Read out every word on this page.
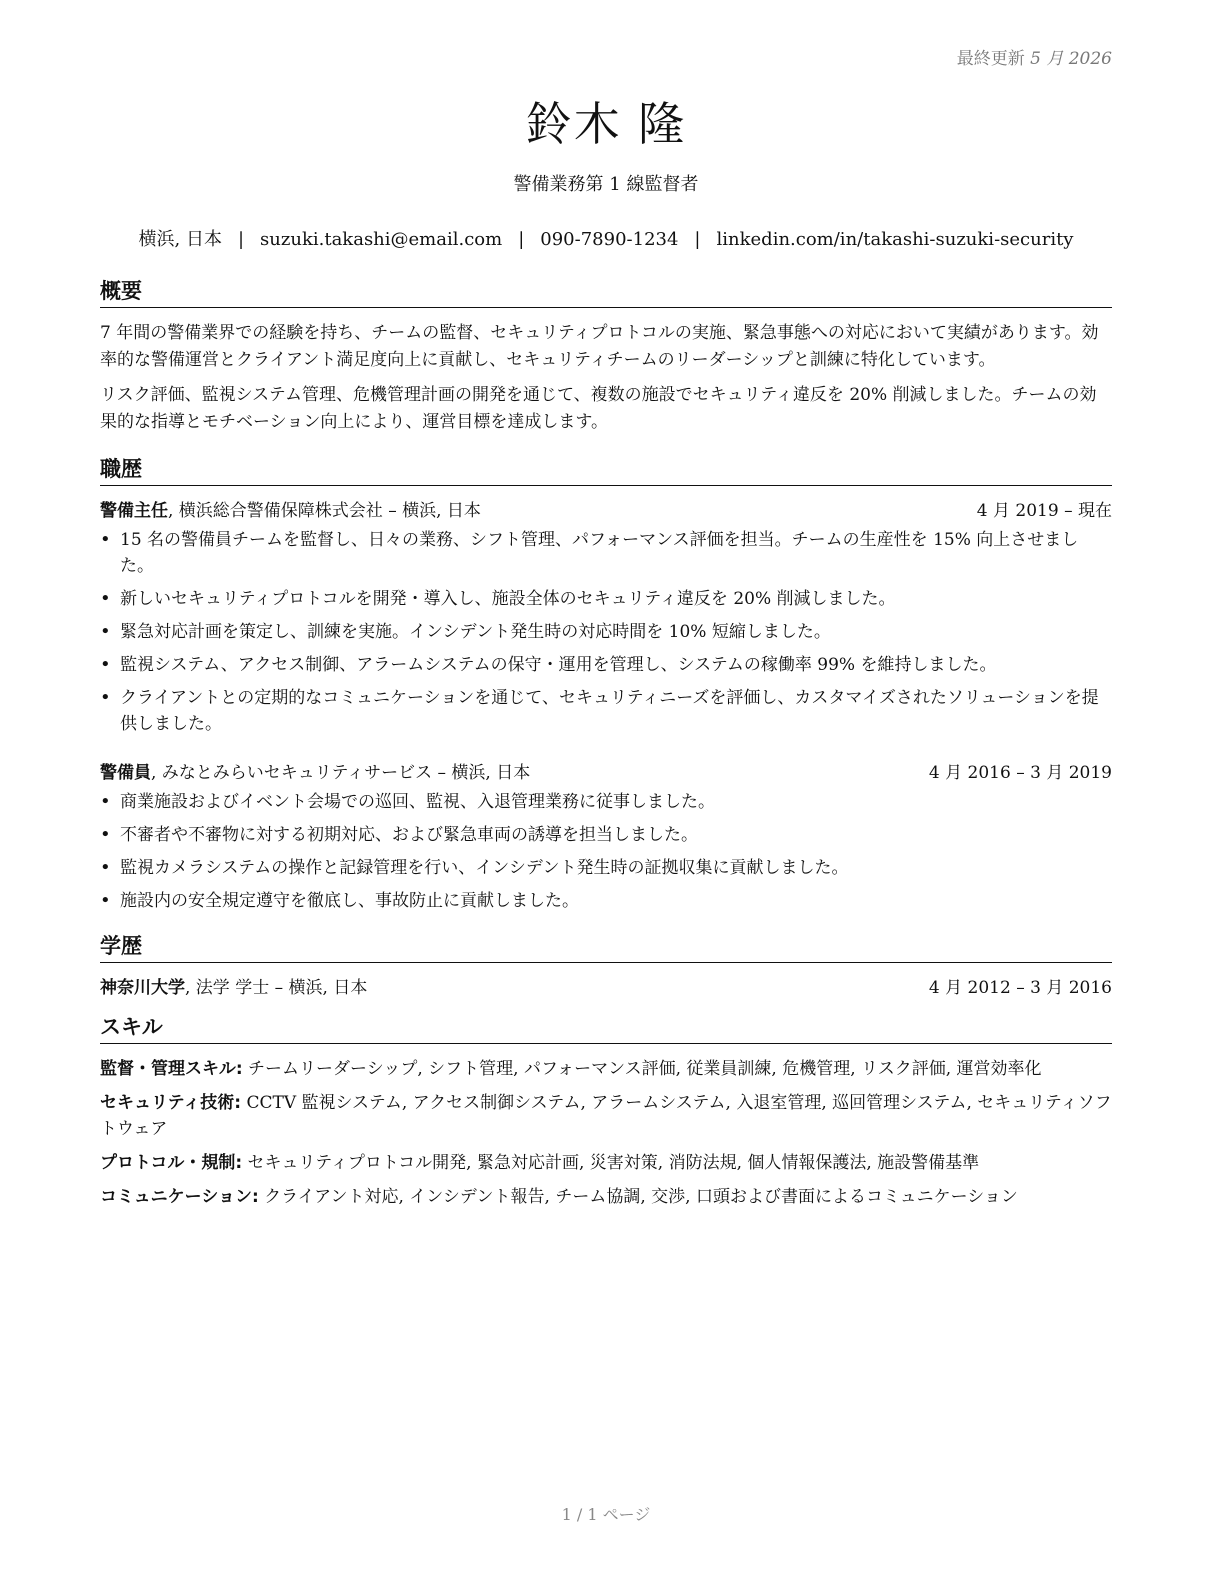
最終更新 5 月 2026
鈴木 隆
警備業務第 1 線監督者
横浜, 日本 | suzuki.takashi@email.com | 090-7890-1234 | linkedin.com/in/takashi-suzuki-security
概要

7 年間の警備業界での経験を持ち、チームの監督、セキュリティプロトコルの実施、緊急事態への対応において実績があります。効率的な警備運営とクライアント満足度向上に貢献し、セキュリティチームのリーダーシップと訓練に特化しています。

リスク評価、監視システム管理、危機管理計画の開発を通じて、複数の施設でセキュリティ違反を 20% 削減しました。チームの効果的な指導とモチベーション向上により、運営目標を達成します。

職歴
警備主任, 横浜総合警備保障株式会社 – 横浜, 日本	4 月 2019 – 現在
• 15 名の警備員チームを監督し、日々の業務、シフト管理、パフォーマンス評価を担当。チームの生産性を 15% 向上させました。
• 新しいセキュリティプロトコルを開発・導入し、施設全体のセキュリティ違反を 20% 削減しました。
• 緊急対応計画を策定し、訓練を実施。インシデント発生時の対応時間を 10% 短縮しました。
• 監視システム、アクセス制御、アラームシステムの保守・運用を管理し、システムの稼働率 99% を維持しました。
• クライアントとの定期的なコミュニケーションを通じて、セキュリティニーズを評価し、カスタマイズされたソリューションを提供しました。
警備員, みなとみらいセキュリティサービス – 横浜, 日本	4 月 2016 – 3 月 2019
• 商業施設およびイベント会場での巡回、監視、入退管理業務に従事しました。
• 不審者や不審物に対する初期対応、および緊急車両の誘導を担当しました。
• 監視カメラシステムの操作と記録管理を行い、インシデント発生時の証拠収集に貢献しました。
• 施設内の安全規定遵守を徹底し、事故防止に貢献しました。
学歴
神奈川大学, 法学 学士 – 横浜, 日本	4 月 2012 – 3 月 2016
スキル
監督・管理スキル: チームリーダーシップ, シフト管理, パフォーマンス評価, 従業員訓練, 危機管理, リスク評価, 運営効率化
セキュリティ技術: CCTV 監視システム, アクセス制御システム, アラームシステム, 入退室管理, 巡回管理システム, セキュリティソフトウェア
プロトコル・規制: セキュリティプロトコル開発, 緊急対応計画, 災害対策, 消防法規, 個人情報保護法, 施設警備基準
コミュニケーション: クライアント対応, インシデント報告, チーム協調, 交渉, 口頭および書面によるコミュニケーション
1 / 1 ページ
